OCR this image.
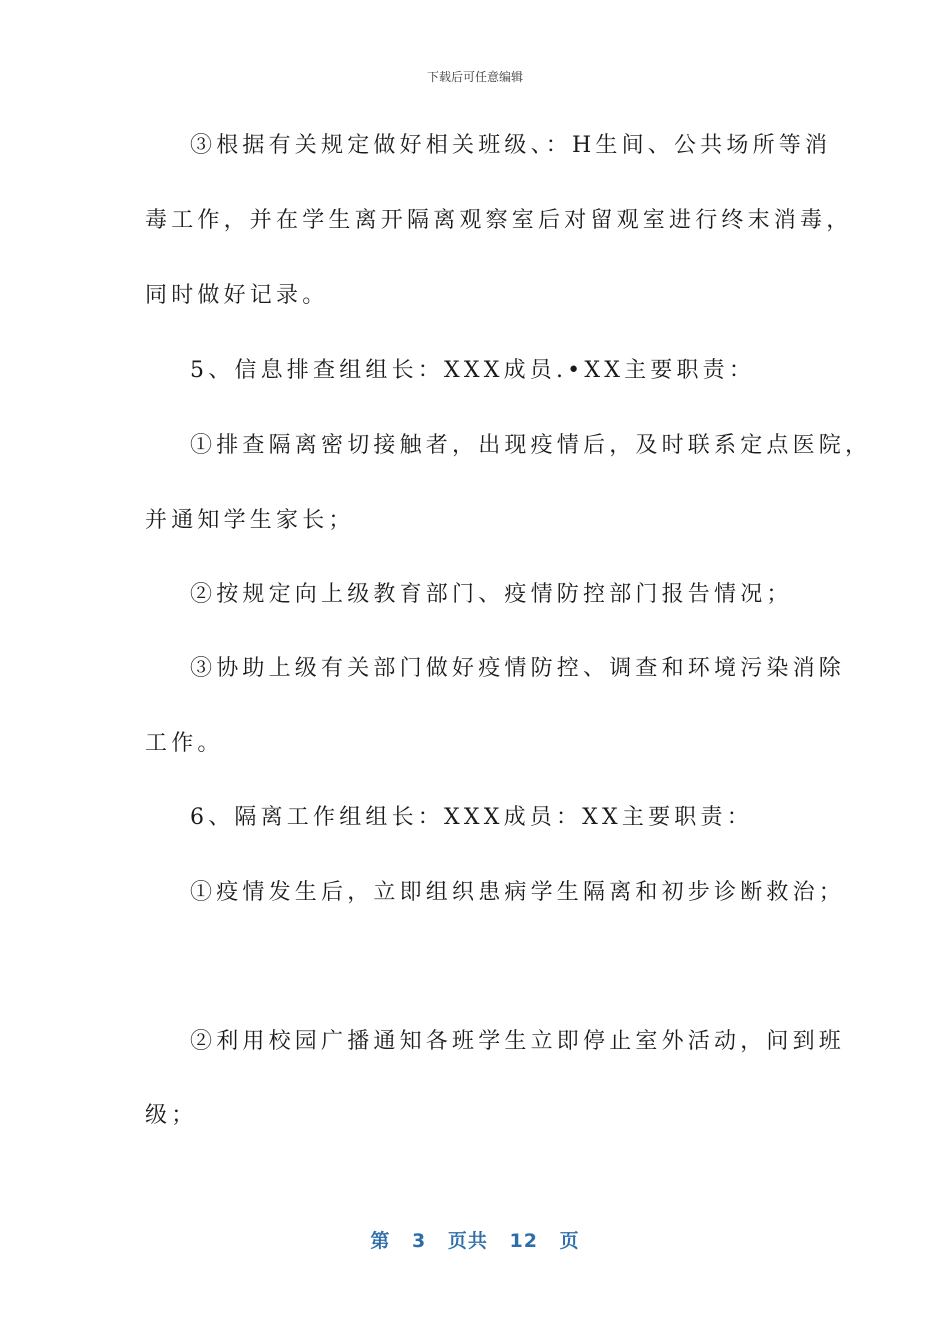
下载后可任意编辑
③根据有关规定做好相关班级、：H生间、公共场所等消
毒工作，并在学生离开隔离观察室后对留观室进行终末消毒，
同时做好记录。
5、信息排查组组长：XXX成员.•XX主要职责：
①排查隔离密切接触者，出现疫情后，及时联系定点医院，
并通知学生家长；
②按规定向上级教育部门、疫情防控部门报告情况；
③协助上级有关部门做好疫情防控、调查和环境污染消除
工作。
6、隔离工作组组长：XXX成员：XX主要职责：
①疫情发生后，立即组织患病学生隔离和初步诊断救治；
②利用校园广播通知各班学生立即停止室外活动，问到班
级；
第 3 页共 12 页
